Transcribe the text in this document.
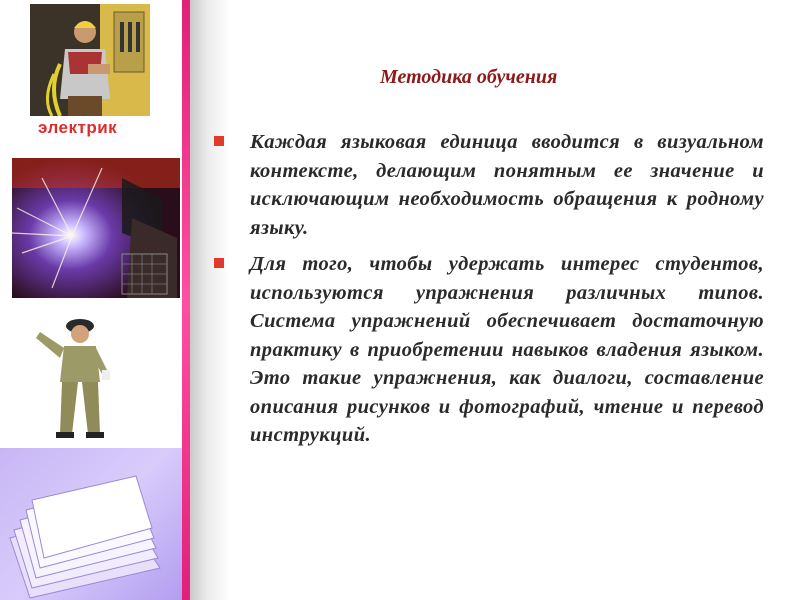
электрик
Методика обучения
Каждая языковая единица вводится в визуальном контексте, делающим понятным ее значение и исключающим необходимость обращения к родному языку.
Для того, чтобы удержать интерес студентов, используются упражнения различных типов. Система упражнений обеспечивает достаточную практику в приобретении навыков владения языком. Это такие упражнения, как диалоги, составление описания рисунков и фотографий, чтение и перевод инструкций.
